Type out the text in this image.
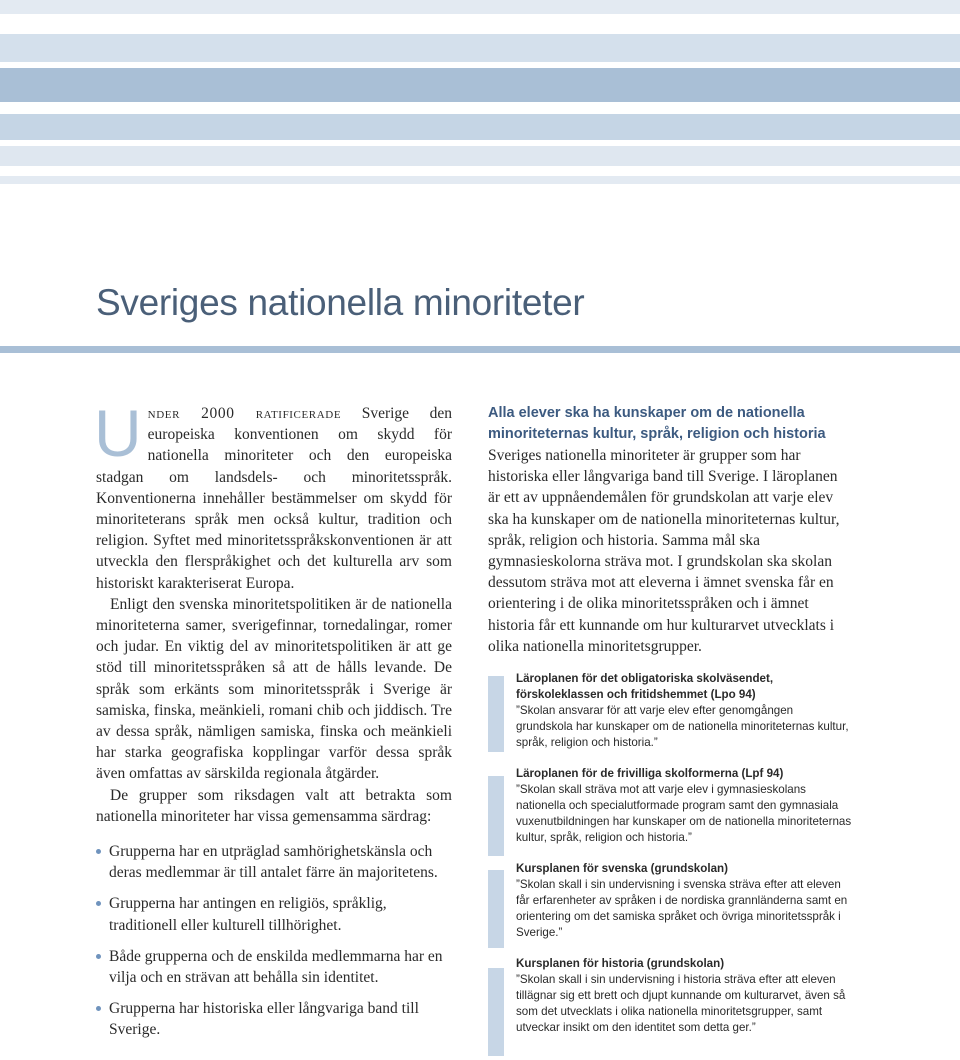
Sveriges nationella minoriteter

Under 2000 ratificerade Sverige den europeiska konventionen om skydd för nationella minoriteter och den europeiska stadgan om landsdels- och minoritetsspråk. Konventionerna innehåller bestämmelser om skydd för minoriteterans språk men också kultur, tradition och religion. Syftet med minoritetsspråkskonventionen är att utveckla den flerspråkighet och det kulturella arv som historiskt karakteriserat Europa.

Enligt den svenska minoritetspolitiken är de nationella minoriteterna samer, sverigefinnar, tornedalingar, romer och judar. En viktig del av minoritetspolitiken är att ge stöd till minoritetsspråken så att de hålls levande. De språk som erkänts som minoritetsspråk i Sverige är samiska, finska, meänkieli, romani chib och jiddisch. Tre av dessa språk, nämligen samiska, finska och meänkieli har starka geografiska kopplingar varför dessa språk även omfattas av särskilda regionala åtgärder.

De grupper som riksdagen valt att betrakta som nationella minoriteter har vissa gemensamma särdrag:

Grupperna har en utpräglad samhörighetskänsla och deras medlemmar är till antalet färre än majoritetens.
Grupperna har antingen en religiös, språklig, traditionell eller kulturell tillhörighet.
Både grupperna och de enskilda medlemmarna har en vilja och en strävan att behålla sin identitet.
Grupperna har historiska eller långvariga band till Sverige.

Alla elever ska ha kunskaper om de nationella minoriteternas kultur, språk, religion och historia

Sveriges nationella minoriteter är grupper som har historiska eller långvariga band till Sverige. I läroplanen är ett av uppnåendemålen för grundskolan att varje elev ska ha kunskaper om de nationella minoriteternas kultur, språk, religion och historia. Samma mål ska gymnasieskolorna sträva mot. I grundskolan ska skolan dessutom sträva mot att eleverna i ämnet svenska får en orientering i de olika minoritetsspråken och i ämnet historia får ett kunnande om hur kulturarvet utvecklats i olika nationella minoritetsgrupper.

Läroplanen för det obligatoriska skolväsendet, förskoleklassen och fritidshemmet (Lpo 94)

”Skolan ansvarar för att varje elev efter genomgången grundskola har kunskaper om de nationella minoriteternas kultur, språk, religion och historia.”

Läroplanen för de frivilliga skolformerna (Lpf 94)

”Skolan skall sträva mot att varje elev i gymnasieskolans nationella och specialutformade program samt den gymnasiala vuxenutbildningen har kunskaper om de nationella minoriteternas kultur, språk, religion och historia.”

Kursplanen för svenska (grundskolan)

”Skolan skall i sin undervisning i svenska sträva efter att eleven får erfarenheter av språken i de nordiska grannländerna samt en orientering om det samiska språket och övriga minoritetsspråk i Sverige.”

Kursplanen för historia (grundskolan)

”Skolan skall i sin undervisning i historia sträva efter att eleven tillägnar sig ett brett och djupt kunnande om kulturarvet, även så som det utvecklats i olika nationella minoritetsgrupper, samt utveckar insikt om den identitet som detta ger.”
